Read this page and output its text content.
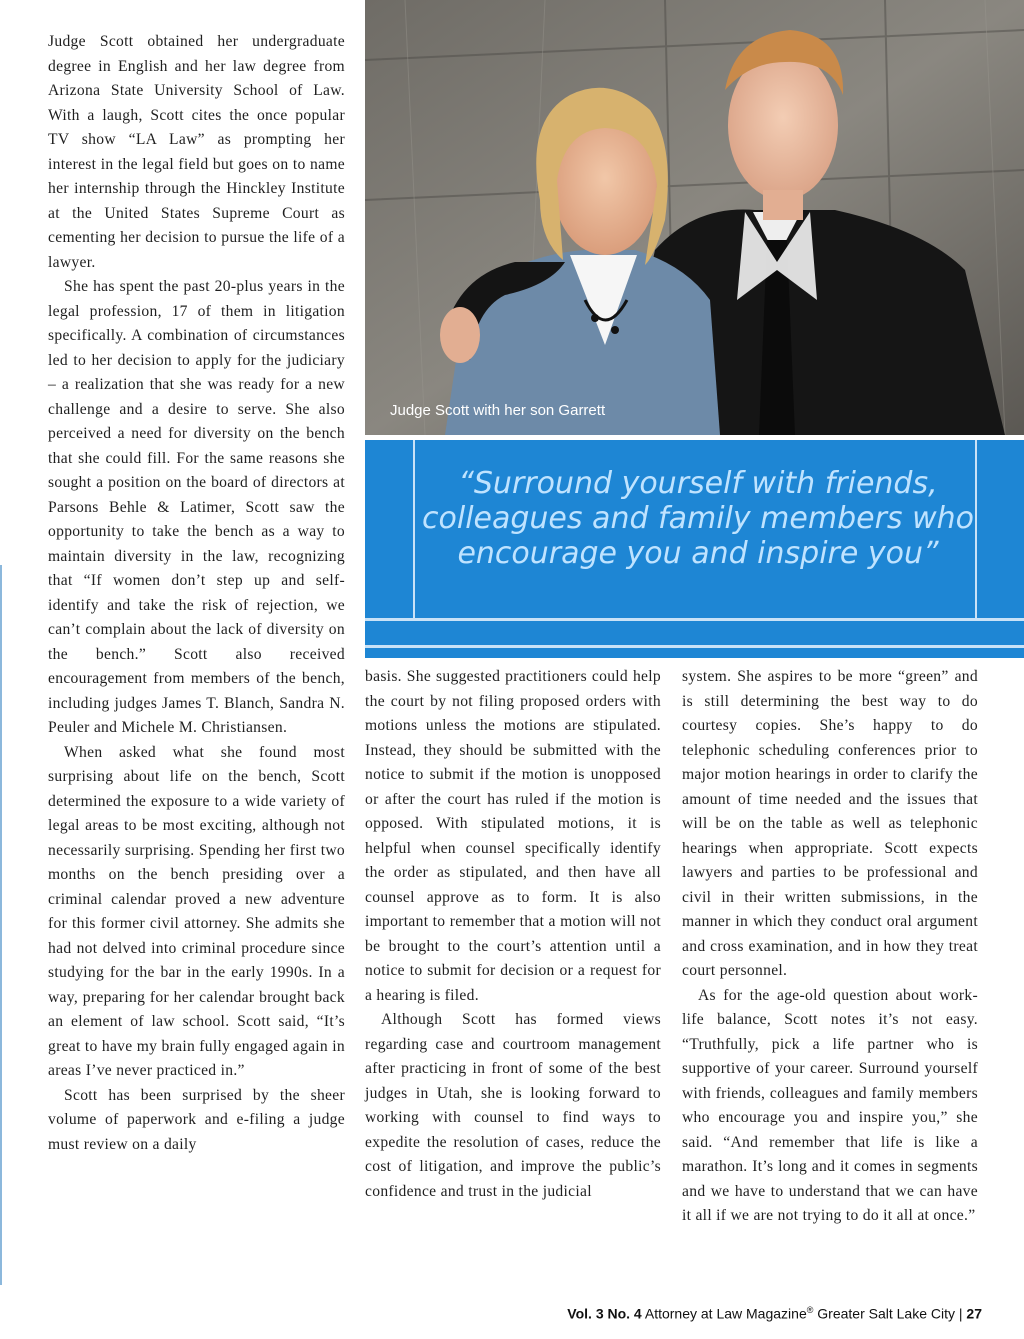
Judge Scott obtained her undergraduate degree in English and her law degree from Arizona State University School of Law. With a laugh, Scott cites the once popular TV show “LA Law” as prompting her interest in the legal field but goes on to name her internship through the Hinckley Institute at the United States Supreme Court as cementing her decision to pursue the life of a lawyer.

She has spent the past 20-plus years in the legal profession, 17 of them in litigation specifically. A combination of circumstances led to her decision to apply for the judiciary – a realization that she was ready for a new challenge and a desire to serve. She also perceived a need for diversity on the bench that she could fill. For the same reasons she sought a position on the board of directors at Parsons Behle & Latimer, Scott saw the opportunity to take the bench as a way to maintain diversity in the law, recognizing that “If women don’t step up and self-identify and take the risk of rejection, we can’t complain about the lack of diversity on the bench.” Scott also received encouragement from members of the bench, including judges James T. Blanch, Sandra N. Peuler and Michele M. Christiansen.

When asked what she found most surprising about life on the bench, Scott determined the exposure to a wide variety of legal areas to be most exciting, although not necessarily surprising. Spending her first two months on the bench presiding over a criminal calendar proved a new adventure for this former civil attorney. She admits she had not delved into criminal procedure since studying for the bar in the early 1990s. In a way, preparing for her calendar brought back an element of law school. Scott said, “It’s great to have my brain fully engaged again in areas I’ve never practiced in.”

Scott has been surprised by the sheer volume of paperwork and e-filing a judge must review on a daily

Judge Scott with her son Garrett
“Surround yourself with friends, colleagues and family members who encourage you and inspire you”

basis. She suggested practitioners could help the court by not filing proposed orders with motions unless the motions are stipulated. Instead, they should be submitted with the notice to submit if the motion is unopposed or after the court has ruled if the motion is opposed. With stipulated motions, it is helpful when counsel specifically identify the order as stipulated, and then have all counsel approve as to form. It is also important to remember that a motion will not be brought to the court’s attention until a notice to submit for decision or a request for a hearing is filed.

Although Scott has formed views regarding case and courtroom management after practicing in front of some of the best judges in Utah, she is looking forward to working with counsel to find ways to expedite the resolution of cases, reduce the cost of litigation, and improve the public’s confidence and trust in the judicial

system. She aspires to be more “green” and is still determining the best way to do courtesy copies. She’s happy to do telephonic scheduling conferences prior to major motion hearings in order to clarify the amount of time needed and the issues that will be on the table as well as telephonic hearings when appropriate. Scott expects lawyers and parties to be professional and civil in their written submissions, in the manner in which they conduct oral argument and cross examination, and in how they treat court personnel.

As for the age-old question about work-life balance, Scott notes it’s not easy. “Truthfully, pick a life partner who is supportive of your career. Surround yourself with friends, colleagues and family members who encourage you and inspire you,” she said. “And remember that life is like a marathon. It’s long and it comes in segments and we have to understand that we can have it all if we are not trying to do it all at once.”

Vol. 3 No. 4 Attorney at Law Magazine® Greater Salt Lake City | 27
